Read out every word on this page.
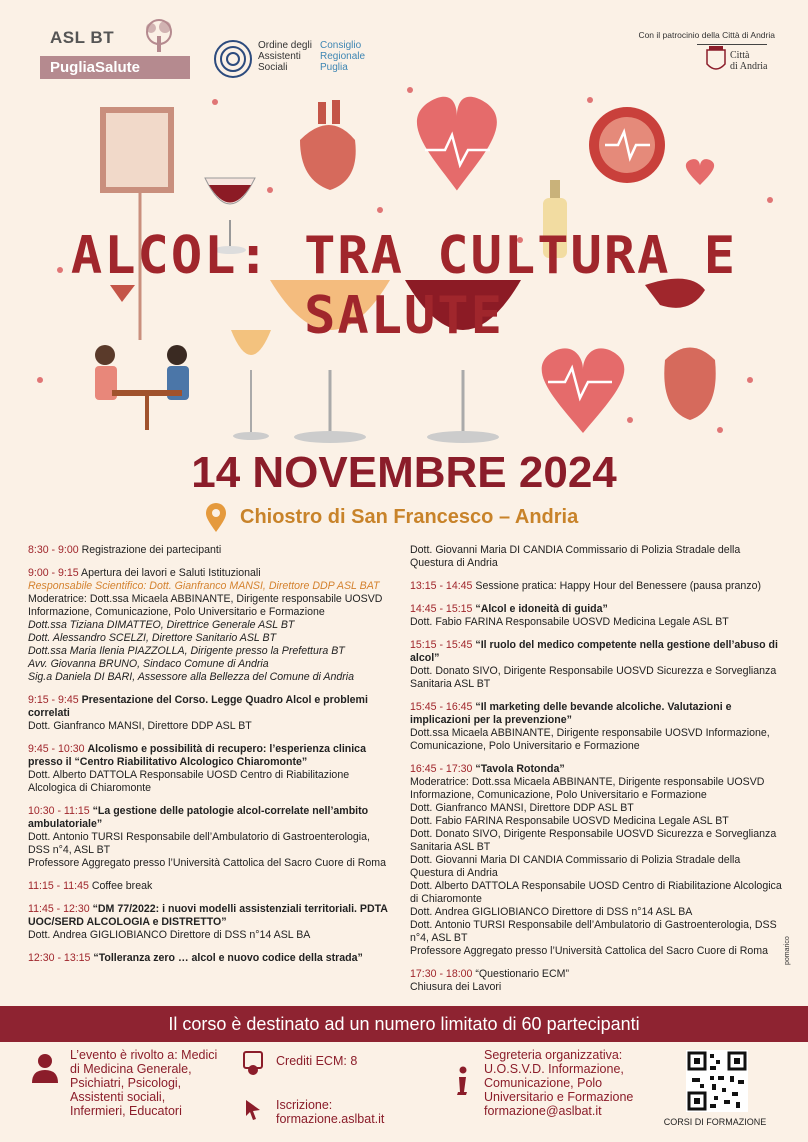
ASL BT
PugliaSalute
Ordine degli
Assistenti
Sociali
Consiglio
Regionale
Puglia
Con il patrocinio della Città di Andria
Città
di Andria
ALCOL: TRA CULTURA E SALUTE
14 NOVEMBRE 2024
Chiostro di San Francesco – Andria
8:30 - 9:00 Registrazione dei partecipanti
9:00 - 9:15 Apertura dei lavori e Saluti Istituzionali
Responsabile Scientifico: Dott. Gianfranco MANSI, Direttore DDP ASL BAT
Moderatrice: Dott.ssa Micaela ABBINANTE, Dirigente responsabile UOSVD Informazione, Comunicazione, Polo Universitario e Formazione
Dott.ssa Tiziana DIMATTEO, Direttrice Generale ASL BT
Dott. Alessandro SCELZI, Direttore Sanitario ASL BT
Dott.ssa Maria Ilenia PIAZZOLLA, Dirigente presso la Prefettura BT
Avv. Giovanna BRUNO, Sindaco Comune di Andria
Sig.a Daniela DI BARI, Assessore alla Bellezza del Comune di Andria
9:15 - 9:45 Presentazione del Corso. Legge Quadro Alcol e problemi correlati
Dott. Gianfranco MANSI, Direttore DDP ASL BT
9:45 - 10:30 Alcolismo e possibilità di recupero: l’esperienza clinica presso il “Centro Riabilitativo Alcologico Chiaromonte”
Dott. Alberto DATTOLA Responsabile UOSD Centro di Riabilitazione Alcologica di Chiaromonte
10:30 - 11:15 “La gestione delle patologie alcol-correlate nell’ambito ambulatoriale”
Dott. Antonio TURSI Responsabile dell’Ambulatorio di Gastroenterologia, DSS n°4, ASL BT
Professore Aggregato presso l’Università Cattolica del Sacro Cuore di Roma
11:15 - 11:45 Coffee break
11:45 - 12:30 “DM 77/2022: i nuovi modelli assistenziali territoriali. PDTA UOC/SERD ALCOLOGIA e DISTRETTO”
Dott. Andrea GIGLIOBIANCO Direttore di DSS n°14 ASL BA
12:30 - 13:15 “Tolleranza zero … alcol e nuovo codice della strada”
Dott. Giovanni Maria DI CANDIA Commissario di Polizia Stradale della Questura di Andria
13:15 - 14:45 Sessione pratica: Happy Hour del Benessere (pausa pranzo)
14:45 - 15:15 “Alcol e idoneità di guida”
Dott. Fabio FARINA Responsabile UOSVD Medicina Legale ASL BT
15:15 - 15:45 “Il ruolo del medico competente nella gestione dell’abuso di alcol”
Dott. Donato SIVO, Dirigente Responsabile UOSVD Sicurezza e Sorveglianza Sanitaria ASL BT
15:45 - 16:45 “Il marketing delle bevande alcoliche. Valutazioni e implicazioni per la prevenzione”
Dott.ssa Micaela ABBINANTE, Dirigente responsabile UOSVD Informazione, Comunicazione, Polo Universitario e Formazione
16:45 - 17:30 “Tavola Rotonda”
Moderatrice: Dott.ssa Micaela ABBINANTE, Dirigente responsabile UOSVD Informazione, Comunicazione, Polo Universitario e Formazione
Dott. Gianfranco MANSI, Direttore DDP ASL BT
Dott. Fabio FARINA Responsabile UOSVD Medicina Legale ASL BT
Dott. Donato SIVO, Dirigente Responsabile UOSVD Sicurezza e Sorveglianza Sanitaria ASL BT
Dott. Giovanni Maria DI CANDIA Commissario di Polizia Stradale della Questura di Andria
Dott. Alberto DATTOLA Responsabile UOSD Centro di Riabilitazione Alcologica di Chiaromonte
Dott. Andrea GIGLIOBIANCO Direttore di DSS n°14 ASL BA
Dott. Antonio TURSI Responsabile dell’Ambulatorio di Gastroenterologia, DSS n°4, ASL BT
Professore Aggregato presso l’Università Cattolica del Sacro Cuore di Roma
17:30 - 18:00 “Questionario ECM”
Chiusura dei Lavori
pomarico
Il corso è destinato ad un numero limitato di 60 partecipanti
L’evento è rivolto a: Medici di Medicina Generale, Psichiatri, Psicologi, Assistenti sociali, Infermieri, Educatori
Crediti ECM: 8
Iscrizione:
formazione.aslbat.it
Segreteria organizzativa: U.O.S.V.D. Informazione, Comunicazione, Polo Universitario e Formazione
formazione@aslbat.it
CORSI DI FORMAZIONE
